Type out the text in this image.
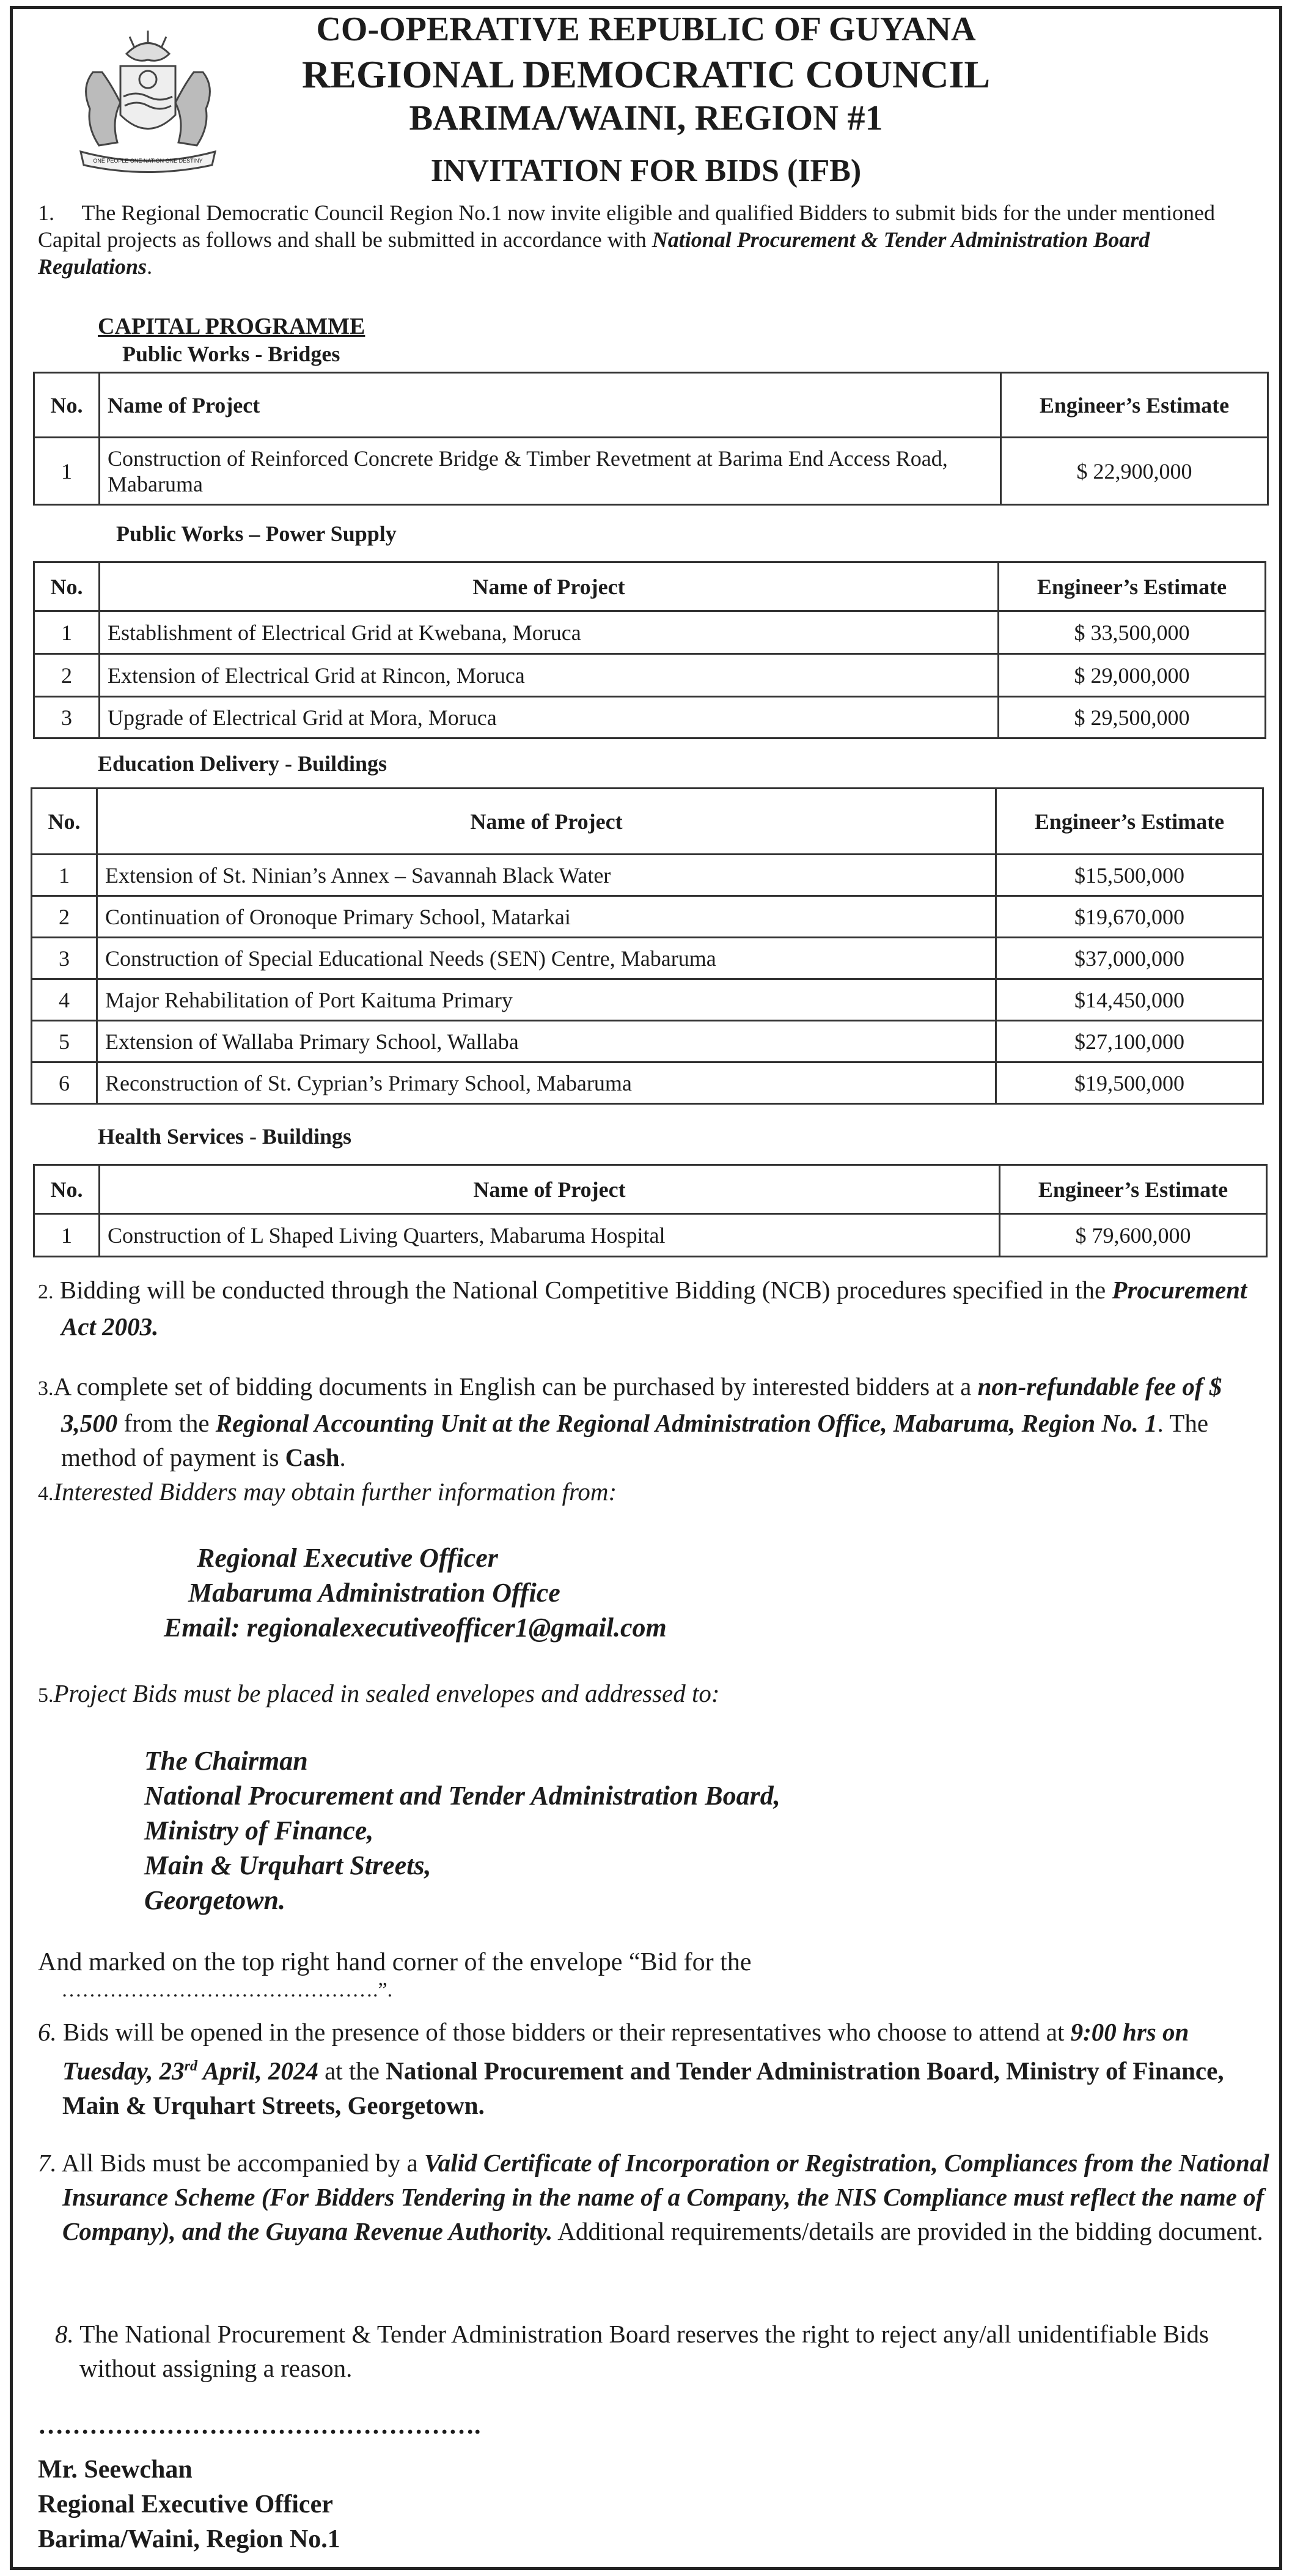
ONE PEOPLE ONE NATION ONE DESTINY
CO-OPERATIVE REPUBLIC OF GUYANA
REGIONAL DEMOCRATIC COUNCIL
BARIMA/WAINI, REGION #1
INVITATION FOR BIDS (IFB)
1. The Regional Democratic Council Region No.1 now invite eligible and qualified Bidders to submit bids for the under mentioned Capital projects as follows and shall be submitted in accordance with National Procurement & Tender Administration Board Regulations.
CAPITAL PROGRAMME
Public Works - Bridges
No.	Name of Project	Engineer’s Estimate
1	Construction of Reinforced Concrete Bridge & Timber Revetment at Barima End Access Road, Mabaruma	$ 22,900,000
Public Works – Power Supply
No.	Name of Project	Engineer’s Estimate
1	Establishment of Electrical Grid at Kwebana, Moruca	$ 33,500,000
2	Extension of Electrical Grid at Rincon, Moruca	$ 29,000,000
3	Upgrade of Electrical Grid at Mora, Moruca	$ 29,500,000
Education Delivery - Buildings
No.	Name of Project	Engineer’s Estimate
1	Extension of St. Ninian’s Annex – Savannah Black Water	$15,500,000
2	Continuation of Oronoque Primary School, Matarkai	$19,670,000
3	Construction of Special Educational Needs (SEN) Centre, Mabaruma	$37,000,000
4	Major Rehabilitation of Port Kaituma Primary	$14,450,000
5	Extension of Wallaba Primary School, Wallaba	$27,100,000
6	Reconstruction of St. Cyprian’s Primary School, Mabaruma	$19,500,000
Health Services - Buildings
No.	Name of Project	Engineer’s Estimate
1	Construction of L Shaped Living Quarters, Mabaruma Hospital	$ 79,600,000
2. Bidding will be conducted through the National Competitive Bidding (NCB) procedures specified in the Procurement Act 2003.
3.A complete set of bidding documents in English can be purchased by interested bidders at a non-refundable fee of $ 3,500 from the Regional Accounting Unit at the Regional Administration Office, Mabaruma, Region No. 1. The method of payment is Cash.
4.Interested Bidders may obtain further information from:
Regional Executive Officer
Mabaruma Administration Office
Email: regionalexecutiveofficer1@gmail.com
5.Project Bids must be placed in sealed envelopes and addressed to:
The Chairman
National Procurement and Tender Administration Board,
Ministry of Finance,
Main & Urquhart Streets,
Georgetown.
And marked on the top right hand corner of the envelope “Bid for the
……………………………………….”.
6. Bids will be opened in the presence of those bidders or their representatives who choose to attend at 9:00 hrs on Tuesday, 23rd April, 2024 at the National Procurement and Tender Administration Board, Ministry of Finance, Main & Urquhart Streets, Georgetown.
7. All Bids must be accompanied by a Valid Certificate of Incorporation or Registration, Compliances from the National Insurance Scheme (For Bidders Tendering in the name of a Company, the NIS Compliance must reflect the name of Company), and the Guyana Revenue Authority. Additional requirements/details are provided in the bidding document.
8. The National Procurement & Tender Administration Board reserves the right to reject any/all unidentifiable Bids without assigning a reason.
…………………………………………….
Mr. Seewchan
Regional Executive Officer
Barima/Waini, Region No.1
